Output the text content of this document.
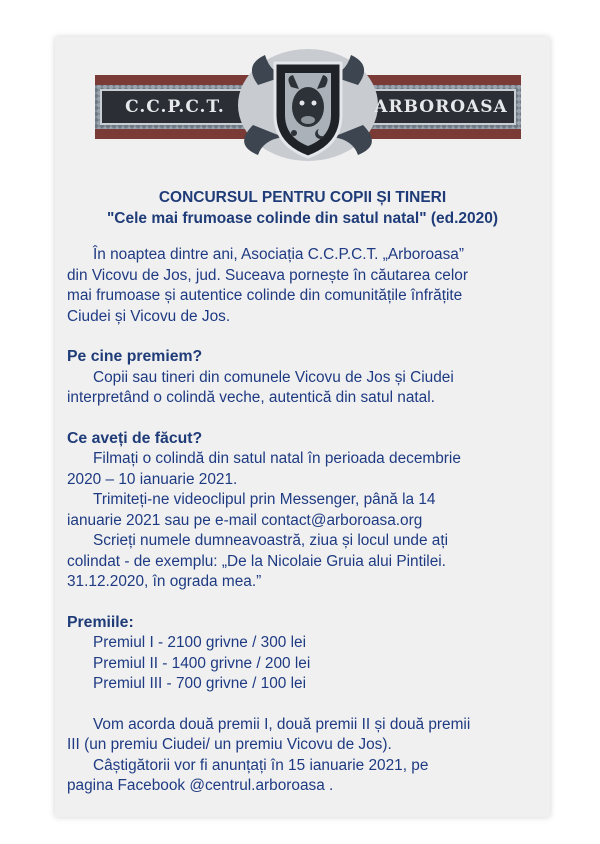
C.C.P.C.T.	ARBOROASA
CONCURSUL PENTRU COPII ȘI TINERI
"Cele mai frumoase colinde din satul natal" (ed.2020)

În noaptea dintre ani, Asociația C.C.P.C.T. „Arboroasa”

din Vicovu de Jos, jud. Suceava pornește în căutarea celor

mai frumoase și autentice colinde din comunitățile înfrățite

Ciudei și Vicovu de Jos.

Pe cine premiem?

Copii sau tineri din comunele Vicovu de Jos și Ciudei

interpretând o colindă veche, autentică din satul natal.

Ce aveți de făcut?

Filmați o colindă din satul natal în perioada decembrie

2020 – 10 ianuarie 2021.

Trimiteți-ne videoclipul prin Messenger, până la 14

ianuarie 2021 sau pe e-mail contact@arboroasa.org

Scrieți numele dumneavoastră, ziua și locul unde ați

colindat - de exemplu: „De la Nicolaie Gruia alui Pintilei.

31.12.2020, în ograda mea.”

Premiile:

Premiul I - 2100 grivne / 300 lei

Premiul II - 1400 grivne / 200 lei

Premiul III - 700 grivne / 100 lei

Vom acorda două premii I, două premii II și două premii

III (un premiu Ciudei/ un premiu Vicovu de Jos).

Câștigătorii vor fi anunțați în 15 ianuarie 2021, pe

pagina Facebook @centrul.arboroasa .
